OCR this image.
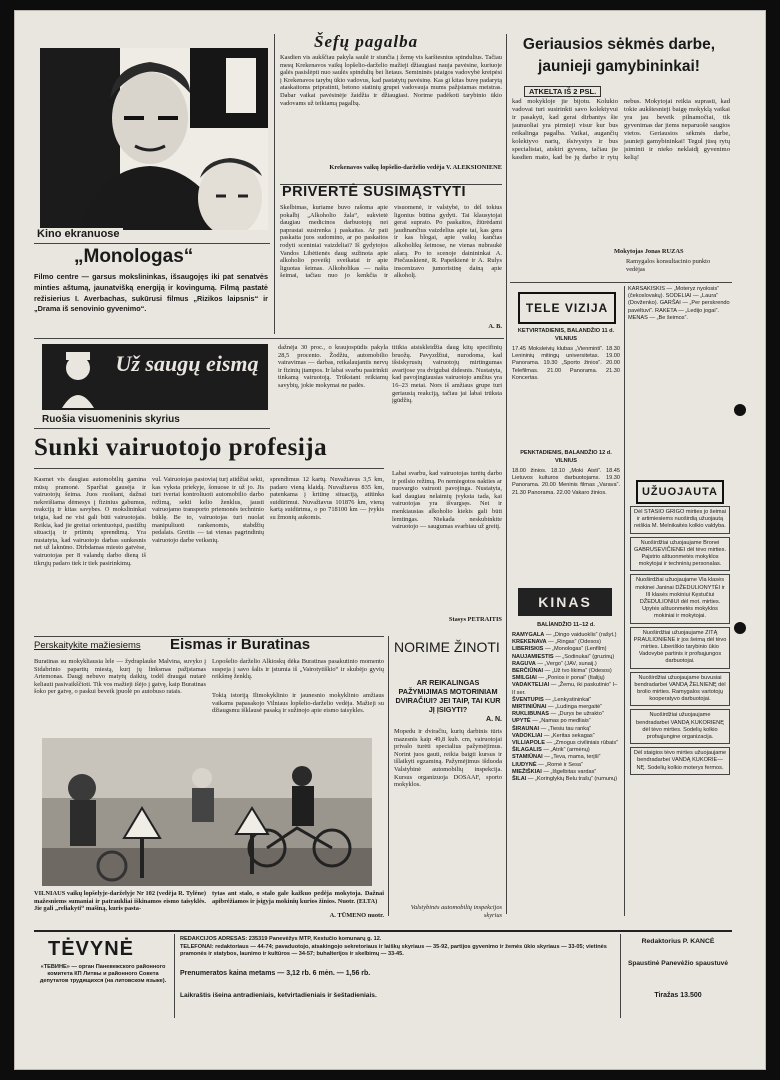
Kino ekranuose
„Monologas“
Filmo centre — garsus mokslininkas, išsaugojęs iki pat senatvės minties aštumą, jaunatvišką energiją ir kovingumą. Filmą pastatė režisierius I. Averbachas, sukūrusi filmus „Rizikos laipsnis“ ir „Drama iš senovinio gyvenimo“.
Šefų pagalba
Kasdien vis aukščiau pakyla saulė ir siunčia į žemę vis karštesnius spindulius. Tačiau mesų Krekenavos vaikų lopšelio-darželio mažieji džiaugiasi nauja pavėsine, kuriuoje galės pasislėpti nuo saulės spindulių bei lietaus. Semininės įstaigos vadovybė kreipėsi į Krekenavos tarybų ūkio vadovus, kad pastatytų pavėsinę. Kas gi kitas buvę padarytą ataskaitoms pripratinti, betono statinių grupei vadovauja mums pažįstamas meistras. Dabar vaikai pavėsinėje žaidžia ir džiaugiasi. Norime padėkoti tarybinio ūkio vadovams už teikiamą pagalbą.
Krekenavos vaikų lopšelio-darželio vedėja V. ALEKSIONIENE
PRIVERTĖ SUSIMĄSTYTI
Skelbimas, kuriame buvo rašoma apie pokalbį „Alkoholio žala“, sukvietė daugiau medicinos darbuotojų nei paprastai susirenka į paskaitas. Ar pati paskaita juos sudomino, ar po paskaitos rodyti sceniniai vaizdeliai? Iš gydytojos Vandos Libėtienės daug sužinota apie alkoholio poveikį sveikatai ir apie liguotas šeimas. Alkoholikas — našta šeimai, tačiau nuo jo kenkčia ir visuomenė, ir valstybė, to dėl tokius ligonius būtina gydyti. Tai klausytojai gerai suprato. Po paskaitos, žiūrėdami jaudinančius vaizdelius apie tai, kas gera ir kas blogai, apie vaikų kančias alkoholikų šeimose, ne vienas nubraukė ašarą. Po to scenoje dainininkai A. Piečauskienė, R. Papeikienė ir A. Rulys inscenizavo jumoristinę dainą apie alkoholį.
A. B.
Geriausios sėkmės darbe, jaunieji gamybininkai!
ATKELTA IŠ 2 PSL.
kad mokykloje jie bijotu. Kolukio vadovai turi susirinkti savo kolektyvui ir pasakyti, kad gerai dirbantys šie jaunuoliai yra pirmieji visur kur bus reikalinga pagalba. Vaikai, augančių kolektyvo narių, išsivystys ir bus specialistai, atskiri gyvens, tačiau jie kasdien mato, kad be jų darbo ir rytų nebus. Mokytojai reikia suprasti, kad tokie aukštesnieji baigę mokyklą vaikai yra jau beveik pilnamočiai, tik gyvenimas dar jiems neparuošė saugios vietos. Geriausios sėkmės darbe, jaunieji gamybininkai! Tegul jūsų rytų įsiminti ir nieko neklaidį gyvenimo kelią!
Mokytojas Jonas RUZAS
Ramygalos konsultacinio punkto vedėjas
TELE VIZIJA
KETVIRTADIENIS, BALANDŽIO 11 d.
VILNIUS
17.45 Moksleivių klubas „Vienminti“. 18.30 Lenininių mitingų universitetas. 19.00 Panorama. 19.30 „Sporto žinios“. 20.00 Telefilmas. 21.00 Panorama. 21.30 Koncertas.
PENKTADIENIS, BALANDŽIO 12 d.
VILNIUS
18.00 žinios. 18.10 „Moki Aisti“. 18.45 Lietuvos kulturos darbuotojams. 19.30 Panorama. 20.00 Meninis filmas „Varava“. 21.30 Panorama. 22.00 Vakaro žinios.
KARSAKIŠKIS — „Moteryz nyolosis“ (čekoslovakų). SODELIAI — „Laura“ (Dovženko). GARŠAI — „Per perskrendo pavėltuvi“. RAKETA — „Ledijo jogai“. MENAS — „Be šeimos“.
KINAS
BALİANDŽIO 11–12 d.
RAMYGALA — „Dingo vaiduoklis“ (rašyt.)
KREKENAVA — „Ringas“ (Odesos)
LIBERISKIS — „Monologas“ (Lenfilm)
NAUJAMIESTIS — „Sodinukai“ (gruzinų)
RAGUVA — „Vergo“ (JAV, sunaij.)
BERČIŪNAI — „Už tvo likima“ (Odesos)
SMILGIAI — „Ponios ir ponai“ (Italijų)
VADAKTELIAI — „Žemu, iki paskutinio“ I–II ser.
ŠVENTUPIS — „Lenkystininkai“
MIRTINIŪNAI — „Ludinga mergaitė“
RUKLIBUNAS — „Durys be užrakto“
UPYTĖ — „Namas po medliais“
ŠIRAUNAI — „Tiesiu tau ranką“
VADOKLIAI — „Keritas sekagas“
VILLIAPOLE — „Zmogus civiliniais rūbais“
ŠILAGALIS — „Atrik“ (armėnų)
STAMIŪNAI — „Teva, mama, terįši“
LIUDYNĖ — „Romė ir Sesa“
MIEŽIŠKIAI — „Išgelbitas vardas“
ŠILAI — „Koringlykių Belu trašų“ (rumunų)
UŽUOJAUTA
Dėl STASIO GRIGO mirties jo šeimai ir artimiesiems nuoširdią užuojautą reiškia M. Melnikaitės kolkio valdyba.
Nuoširdžiai užuojaujame Bronei GABRUSEVIČIENEI dėl tėvo mirties. Pajstrio aštuonmetės mokyklos mokytojai ir techninių personalas.
Nuoširdžiai užuojaujame Vla klasės mokinei Janinai DŽEDULIONYTĖI ir III klasės mokiniui Kęstučiui DŽEDULIONIUI dėl mot. mirties. Upytės aštuonmetės mokyklos mokiniai ir mokytojai.
Nuoširdžiai užuojaujame ZITĄ PRAULIONIENE ir jos šeimą dėl tėvo mirties. Liberiškio tarybinio ūkio Vadovybė partinis ir profsąjungos darbuotojai.
Nuoširdžiai užuojaujame buvusiai bendradarbei VANDĄ ŽELNIENĘ dėl brolio mirties. Ramygalos vartotojų kooperatyvo darbuotojai.
Nuoširdžiai užuojaujame bendradarbei VANDĄ KUKORIENĘ dėl tėvo mirties. Sodelių kolkio profsąjungine organizacija.
Dėl staigios tėvo mirties užuojaujame bendradarbei VANDĄ KUKORIE—NĘ. Sodelių kolkio moterys fermos.
Už saugų eismą
Ruošia visuomeninis skyrius
Sunki vairuotojo profesija
Kasmet vis daugiau automobilių gamina mūsų pramonė. Sparčiai gausėja ir vairuotojų šeima. Juos ruošiant, dažnai nekreišiama dėmesys į fizinius gabumus, reakciją ir kitas savybes. O mokslininkai teigia, kad ne visi gali būti vairuotojais. Reikia, kad jie greitai orientuotųsi, pastižtų situaciją ir priimtų sprendimą. Yra nustatyta, kad vairuotojo darbas sunkesnis net už laknūno. Dirbdamas miesto gatvėse, vairuotojas per 8 valandų darbo dieną iš tikrųjų padaro tiek ir tiek pasirinkimų.
vul. Vairuotojas pastoviaį turį atidžiai sekti, kas vyksta priekyje, šonuose ir už jo. Jis turi tvertai kontroliuoti automobilio darbo režimą, sekti kelio ženklus, jausti vairuojamo transporto priemonės techninio būklę. Be to, vairuotojas turi nuolat manipuliuoti rankenomis, stabdžių pedalais. Greitis — tai vienas pagrindinių vairuotojo darbe veiksnių.
dažnėja 30 proc., o kraujospūdis pakyla 28,5 procento. Žodžiu, automobilio vairavimas — darbas, reikalaujantis nervų ir fizinių įtampos. Ir labai svarbu pasirinkti tinkamą vairuotoją. Trūkstant reikiamų savybių, jokie mokymai ne padės.
sprendimus 12 kartų. Nuvažiavus 3,5 km, padaro vieną klaidą. Nuvažiavus 835 km, patenkama į kritinę situaciją, atitinka suidūrimui. Nuvažiavus 101876 km, vieną kartą suidūrima, o po 718100 km — įvykis su žmonių aukomis.
titikia atsiskleidžia daug kitų specifinių bruožų. Pavyzdžiui, nurodoma, kad išsiskyrusių vairuotojų mirtingumas avarijose yra dvigubai didesnis. Nustatyta, kad pavojingiausias vairuotojo amžius yra 16–23 metai. Nors iš amžiaus grupe turi geriausią reakciją, tačiau jai labai trūksta įgūdžių.
Labai svarbu, kad vairuotojas turėtų darbo ir poilsio režimą. Po nemiegotos nakties ar nuovargio vairuoti pavojinga. Nustatyta, kad daugiau nelaimių įvyksta tada, kai vairuotojas yra išvargsęs. Net ir menkiausias alkoholio kiekis gali būti lemtingas. Niekada neskubinkite vairuotojo — saugumas svarbiau už greitį.
Stasys PETRAITIS
Perskaitykite mažiesiems Eismas ir Buratinas
Buratinas su mokykliausia lele — žydraplauke Malvina, suvyko į Sidabrinio papartių miestą, kurį jų linksmas pažįstamas Artemonas. Daugį nebuvo matytų daiktų, todėl draugai nutarė keliauti pasivaikščioti. Tik vos mažieji išėjo į gatvę, kaip Buratinas šoko per gatvę, o paskui beveik įpuolė po autobuso ratais.
Lopošelio darželio Alkioskų dėka Buratinas pasakutinio momento suspeja į savo šalis ir įstumia iš „Vairotytiškio“ ir skubėjo gyvių reikšmę ženklų.
Tokią istoriją Ilimokyklinio ir jaunesnio mokyklinio amžiaus vaikams papasakojo Vilniaus lopšelio-darželio vedėja. Mažieji su džiaugsmu išklausė pasaką ir sužinojo apie eismo taisykles.
VILNIAUS vaikų lopšelyje-darželyje Nr 102 (vedėja R. Tylėne) mažesniems sumaniai ir patraukliai iškinamos eismo taisyklės. Jie gali „reliakyti“ mašiną, kuris pasta-
tytas ant stalo, o stalo gale kažkuo pedėja mokytoja. Dažnai apibrėžiamos ir įsigyja mokinių kurios žinios. Nuotr. (ELTA)
A. TŪMENO nuotr.
NORIME ŽINOTI
AR REIKALINGAS PAŽYMIJIMAS MOTORINIAM DVIRAČIUI? JEI TAIP, TAI KUR JĮ ĮSIGYTI?
A. N.
Mopedu ir dviračiu, kurių darbinis tūris mazesnis kaip 49,8 kub. cm, vairuotojai privalo turėti specialius pažymėjimus. Norint juos gauti, reikia baigti kursus ir išlaikyti egzaminą. Pažymėjimus išduoda Valstybinė automobilių inspekcija. Kursus organizuoja DOSAAF, sporto mokyklos.
Valstybinės automobilių inspekcijos skyrius
TĖVYNĖ
«TЕВИНЕ» — орган Паневежского районного комитета КП Литвы и районного Совета депутатов трудящихся (на литовском языке).
REDAKCIJOS ADRESAS: 235319 Panevėžys MTP, Kestučio komunarų g. 12.
TELEFONAI: redaktoriaus — 44-74; pavaduotojo, atsakingojo sekretoriaus ir laiškų skyriaus — 35-92, partijos gyvenimo ir žemės ūkio skyriaus — 33-05; vietinės pramonės ir statybos, launimo ir kultūros — 34-57; buhalterijos ir skelbimų — 33-45.
Prenumeratos kaina metams — 3,12 rb. 6 mėn. — 1,56 rb.
Laikraštis išeina antradieniais, ketvirtadieniais ir šeštadieniais.
Redaktorius P. KANCĖ
Spaustinė Panevėžio spaustuvė
Tiražas 13.500
